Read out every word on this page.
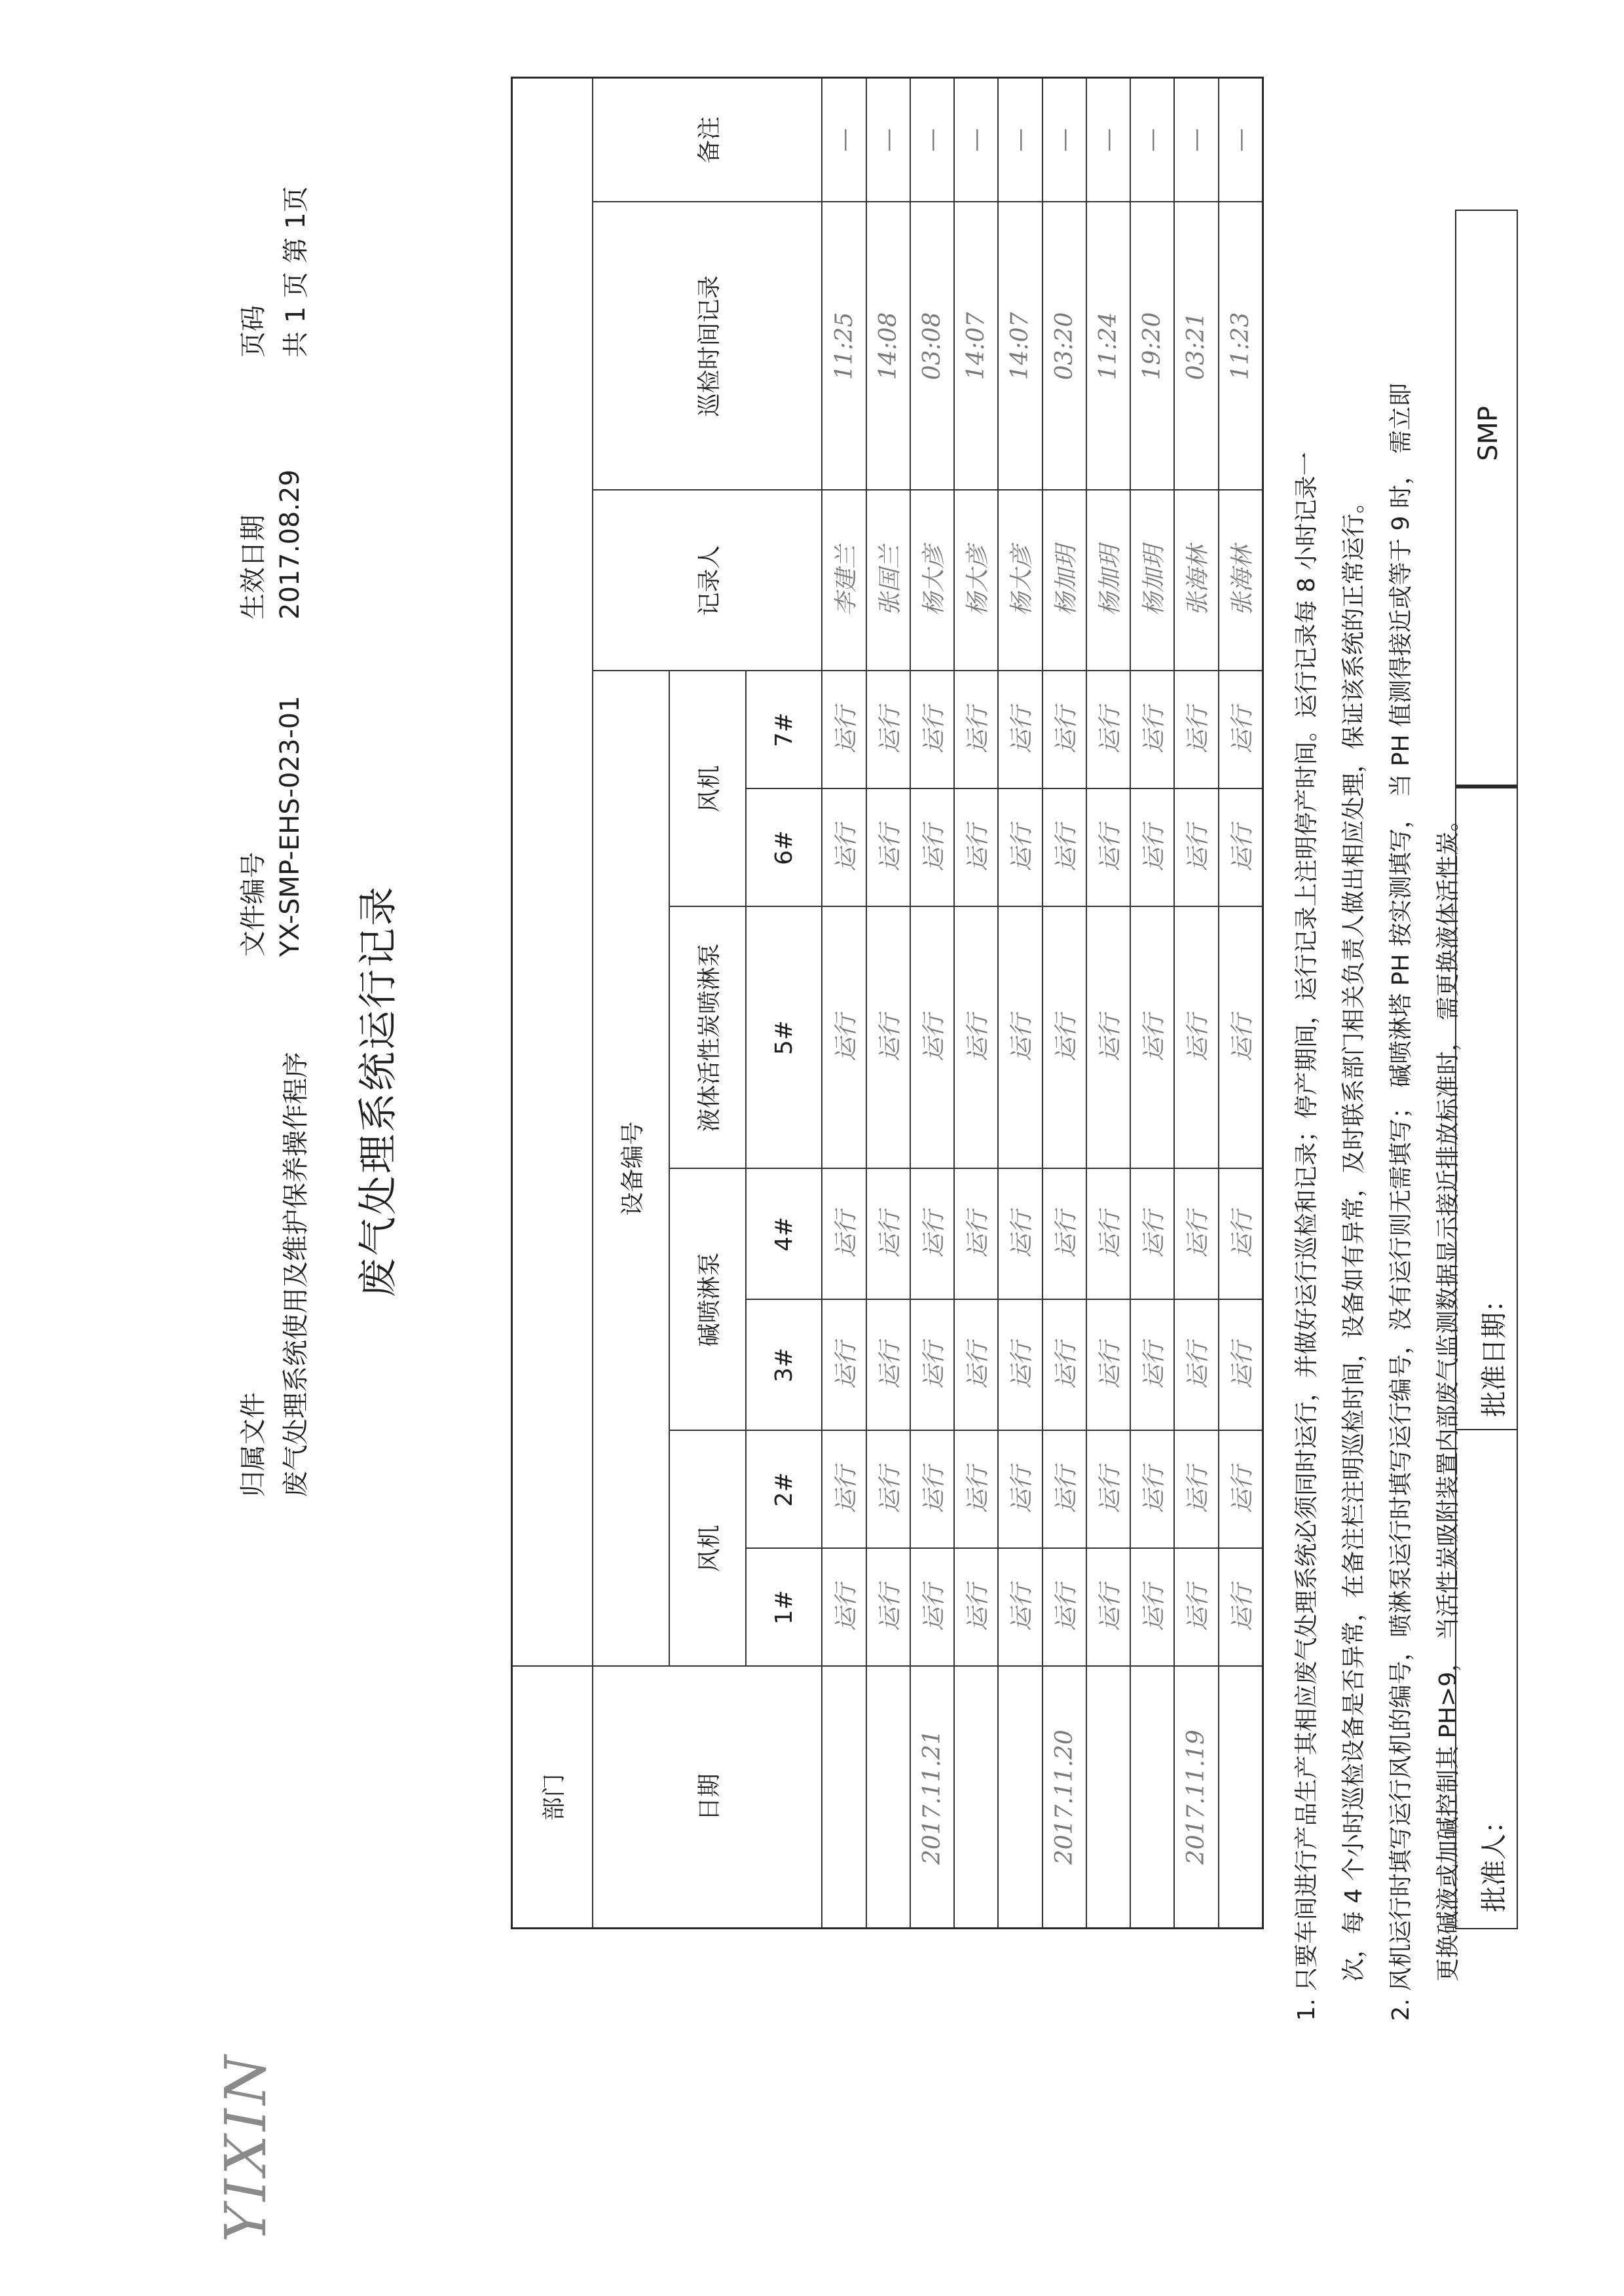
YIXIN
归属文件 废气处理系统使用及维护保养操作程序
文件编号 YX-SMP-EHS-023-01
生效日期 2017.08.29
页码 共 1 页 第 1页
废气处理系统运行记录
部门										
日期	设备编号							记录人	巡检时间记录	备注
	风机		碱喷淋泵		液体活性炭喷淋泵	风机				
	1#	2#	3#	4#	5#	6#	7#			
	运行	运行	运行	运行	运行	运行	运行	李建兰	11:25	—
	运行	运行	运行	运行	运行	运行	运行	张国兰	14:08	—
2017.11.21	运行	运行	运行	运行	运行	运行	运行	杨大彦	03:08	—
	运行	运行	运行	运行	运行	运行	运行	杨大彦	14:07	—
	运行	运行	运行	运行	运行	运行	运行	杨大彦	14:07	—
2017.11.20	运行	运行	运行	运行	运行	运行	运行	杨加玥	03:20	—
	运行	运行	运行	运行	运行	运行	运行	杨加玥	11:24	—
	运行	运行	运行	运行	运行	运行	运行	杨加玥	19:20	—
2017.11.19	运行	运行	运行	运行	运行	运行	运行	张海林	03:21	—
	运行	运行	运行	运行	运行	运行	运行	张海林	11:23	—
1. 只要车间进行产品生产其相应废气处理系统必须同时运行，并做好运行巡检和记录；停产期间，运行记录上注明停产时间。运行记录每 8 小时记录一 次，每 4 个小时巡检设备是否异常，在备注栏注明巡检时间，设备如有异常，及时联系部门相关负责人做出相应处理，保证该系统的正常运行。 2. 风机运行时填写运行风机的编号，喷淋泵运行时填写运行编号，没有运行则无需填写； 碱喷淋塔 PH 按实测填写， 当 PH 值测得接近或等于 9 时， 需立即 更换碱液或加碱控制其 PH>9， 当活性炭吸附装置内部废气监测数据显示接近排放标准时， 需更换液体活性炭。 批准人：
批准日期：
SMP
